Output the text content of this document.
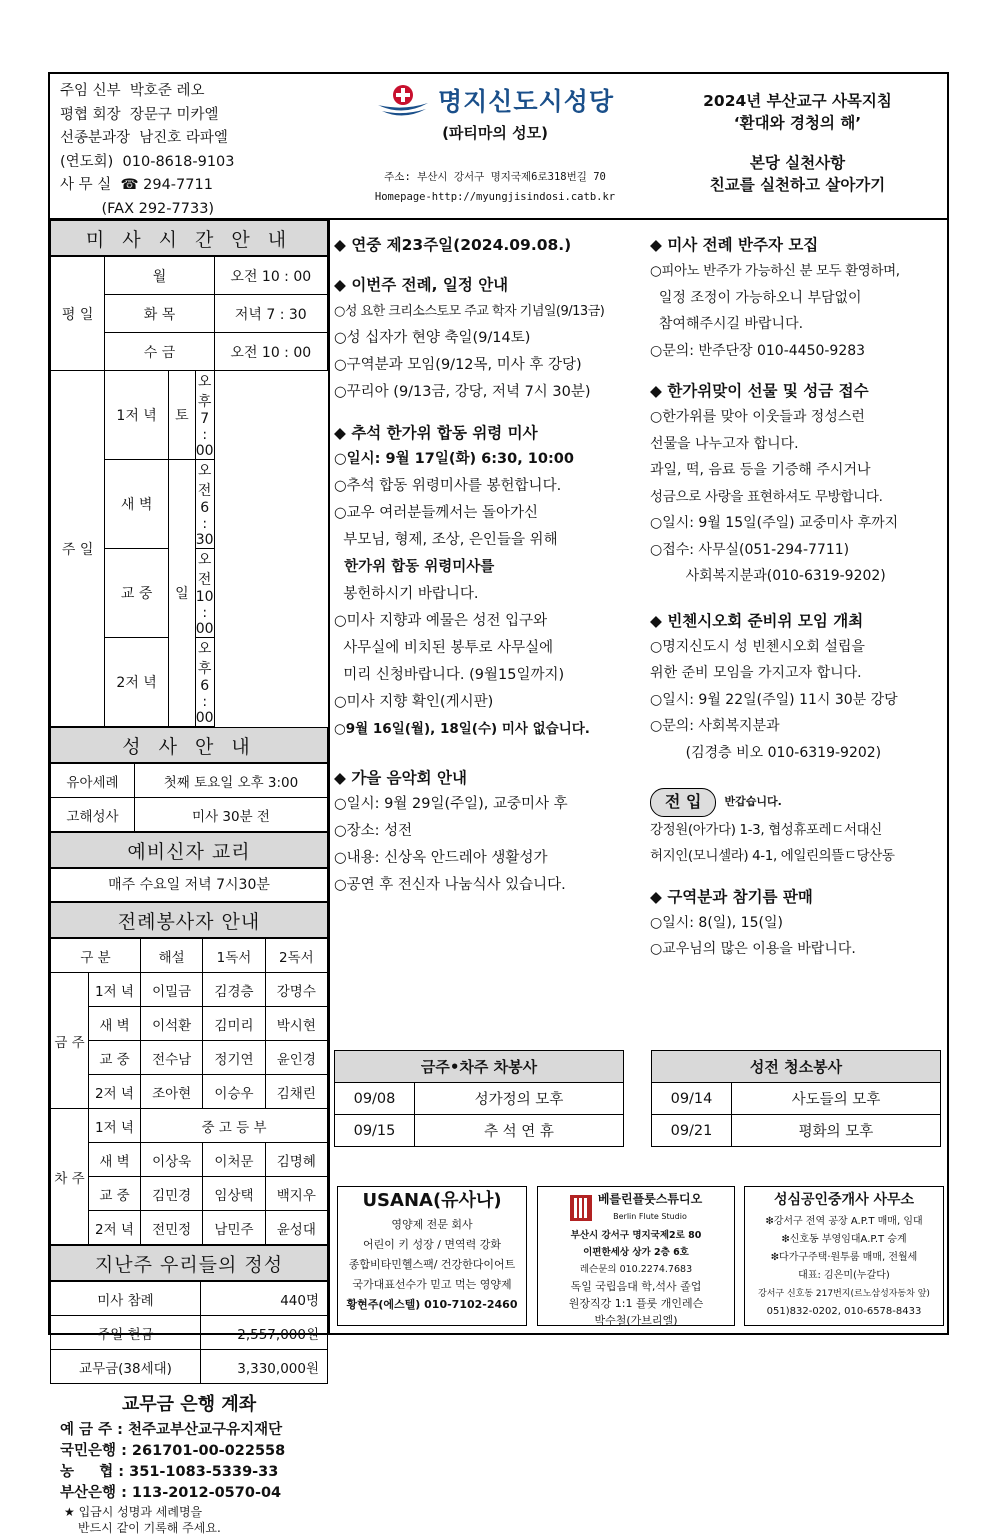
주임 신부  박호준 레오
평협 회장  장문구 미카엘
선종분과장  남진호 라파엘
(연도회)  010-8618-9103
사 무 실  ☎ 294-7711
(FAX 292-7733)
명지신도시성당
(파티마의 성모)
주소: 부산시 강서구 명지국제6로318번길 70
Homepage-http://myungjisindosi.catb.kr
2024년 부산교구 사목지침
‘환대와 경청의 해’
본당 실천사항
친교를 실천하고 살아가기
미 사 시 간 안 내
평 일	월			오전 10 : 00
	화 목			저녁 7 : 30
	수 금			오전 10 : 00
주 일	1저 녁	토	오후 7 : 00	
	새 벽	일	오전 6 : 30	
	교 중		오전 10 : 00	
	2저 녁		오후 6 : 00	
성 사 안 내
유아세례	첫째 토요일 오후 3:00
고해성사	미사 30분 전
예비신자 교리
매주 수요일 저녁 7시30분
전례봉사자 안내
구 분		해설	1독서	2독서
금 주	1저 녁	이밀금	김경층	강명수
	새 벽	이석환	김미리	박시현
	교 중	전수남	정기연	윤인경
	2저 녁	조아현	이승우	김채린
차 주	1저 녁	중 고 등 부		
	새 벽	이상욱	이처문	김명혜
	교 중	김민경	임상택	백지우
	2저 녁	전민정	남민주	윤성대
지난주 우리들의 정성
미사 참례	440명
주일 헌금	2,557,000원
교무금(38세대)	3,330,000원
교무금 은행 계좌
예 금 주 : 천주교부산교구유지재단
국민은행 : 261701-00-022558
농     협 : 351-1083-5339-33
부산은행 : 113-2012-0570-04
★ 입금시 성명과 세례명을
반드시 같이 기록해 주세요.
◆ 연중 제23주일(2024.09.08.)
◆ 이번주 전례, 일정 안내
○성 요한 크리소스토모 주교 학자 기념일(9/13금)
○성 십자가 현양 축일(9/14토)
○구역분과 모임(9/12목, 미사 후 강당)
○꾸리아 (9/13금, 강당, 저녁 7시 30분)
◆ 추석 한가위 합동 위령 미사
○일시: 9월 17일(화) 6:30, 10:00
○추석 합동 위령미사를 봉헌합니다.
○교우 여러분들께서는 돌아가신
부모님, 형제, 조상, 은인들을 위해
한가위 합동 위령미사를
봉헌하시기 바랍니다.
○미사 지향과 예물은 성전 입구와
사무실에 비치된 봉투로 사무실에
미리 신청바랍니다. (9월15일까지)
○미사 지향 확인(게시판)
○9월 16일(월), 18일(수) 미사 없습니다.
◆ 가을 음악회 안내
○일시: 9월 29일(주일), 교중미사 후
○장소: 성전
○내용: 신상옥 안드레아 생활성가
○공연 후 전신자 나눔식사 있습니다.
◆ 미사 전례 반주자 모집
○피아노 반주가 가능하신 분 모두 환영하며,
일정 조정이 가능하오니 부담없이
참여해주시길 바랍니다.
○문의: 반주단장 010-4450-9283
◆ 한가위맞이 선물 및 성금 접수
○한가위를 맞아 이웃들과 정성스런
선물을 나누고자 합니다.
과일, 떡, 음료 등을 기증해 주시거나
성금으로 사랑을 표현하셔도 무방합니다.
○일시: 9월 15일(주일) 교중미사 후까지
○접수: 사무실(051-294-7711)
사회복지분과(010-6319-9202)
◆ 빈첸시오회 준비위 모임 개최
○명지신도시 성 빈첸시오회 설립을
위한 준비 모임을 가지고자 합니다.
○일시: 9월 22일(주일) 11시 30분 강당
○문의: 사회복지분과
(김경층 비오 010-6319-9202)
전 입	반갑습니다.
강정원(아가다) 1-3, 협성휴포레ㄷ서대신
허지인(모니셀라) 4-1, 에일린의뜰ㄷ당산동
◆ 구역분과 참기름 판매
○일시: 8(일), 15(일)
○교우님의 많은 이용을 바랍니다.
금주•차주 차봉사	
09/08	성가정의 모후
09/15	추 석 연 휴
성전 청소봉사	
09/14	사도들의 모후
09/21	평화의 모후
USANA(유사나)
영양제 전문 회사
어린이 키 성장 / 면역력 강화
종합비타민헬스팩/ 건강한다이어트
국가대표선수가 믿고 먹는 영양제
황현주(에스텔) 010-7102-2460
베를린플룻스튜디오
Berlin Flute Studio
부산시 강서구 명지국제2로 80
이편한세상 상가 2층 6호
레슨문의 010.2274.7683
독일 국립음대 학,석사 졸업
원장직강 1:1 플룻 개인레슨
박수철(가브리엘)
성심공인중개사 사무소
❇강서구 전역 공장 A.P.T 매매, 임대
❇신호동 부영임대A.P.T 승계
❇다가구주택·원투룸 매매, 전월세
대표: 김은미(누갈다)
강서구 신호동 217번지(르노삼성자동차 앞)
051)832-0202, 010-6578-8433
